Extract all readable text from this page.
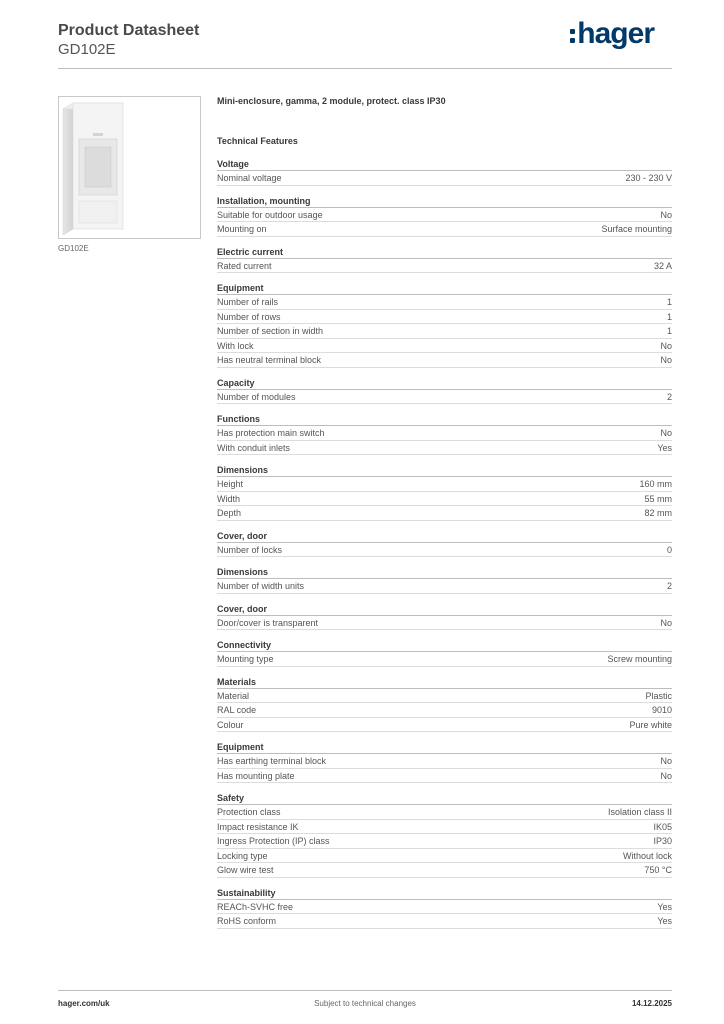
Product Datasheet
GD102E	hager
GD102E
Mini-enclosure, gamma, 2 module, protect. class IP30
Technical Features
Voltage
Nominal voltage	230 - 230 V
Installation, mounting
Suitable for outdoor usage	No
Mounting on	Surface mounting
Electric current
Rated current	32 A
Equipment
Number of rails	1
Number of rows	1
Number of section in width	1
With lock	No
Has neutral terminal block	No
Capacity
Number of modules	2
Functions
Has protection main switch	No
With conduit inlets	Yes
Dimensions
Height	160 mm
Width	55 mm
Depth	82 mm
Cover, door
Number of locks	0
Dimensions
Number of width units	2
Cover, door
Door/cover is transparent	No
Connectivity
Mounting type	Screw mounting
Materials
Material	Plastic
RAL code	9010
Colour	Pure white
Equipment
Has earthing terminal block	No
Has mounting plate	No
Safety
Protection class	Isolation class II
Impact resistance IK	IK05
Ingress Protection (IP) class	IP30
Locking type	Without lock
Glow wire test	750 °C
Sustainability
REACh-SVHC free	Yes
RoHS conform	Yes
hager.com/uk	Subject to technical changes	14.12.2025
